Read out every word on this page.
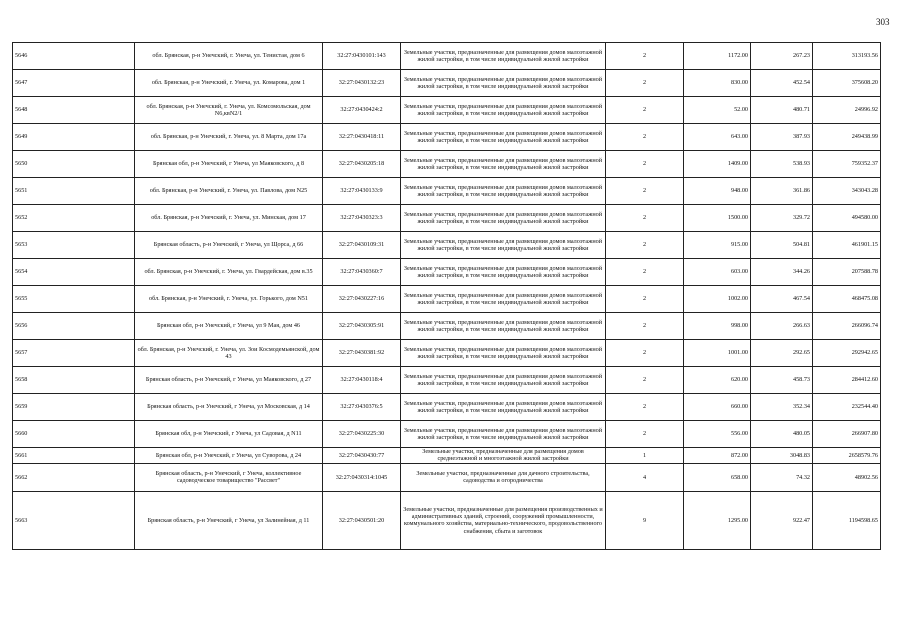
303
5646	обл. Брянская, р-н Унечский, г. Унеча, ул. Тенистая, дом 6	32:27:0430101:143	Земельные участки, предназначенные для размещения домов малоэтажной жилой застройки, в том числе индивидуальной жилой застройки	2	1172.00	267.23	313193.56
5647	обл. Брянская, р-н Унечский, г. Унеча, ул. Комарова, дом 1	32:27:0430132:23	Земельные участки, предназначенные для размещения домов малоэтажной жилой застройки, в том числе индивидуальной жилой застройки	2	830.00	452.54	375608.20
5648	обл. Брянская, р-н Унечский, г. Унеча, ул. Комсомольская, дом N6,квN2/1	32:27:0430424:2	Земельные участки, предназначенные для размещения домов малоэтажной жилой застройки, в том числе индивидуальной жилой застройки	2	52.00	480.71	24996.92
5649	обл. Брянская, р-н Унечский, г. Унеча, ул. 8 Марта, дом 17а	32:27:0430418:11	Земельные участки, предназначенные для размещения домов малоэтажной жилой застройки, в том числе индивидуальной жилой застройки	2	643.00	387.93	249438.99
5650	Брянская обл, р-н Унечский, г Унеча, ул Маяковского, д 8	32:27:0430205:18	Земельные участки, предназначенные для размещения домов малоэтажной жилой застройки, в том числе индивидуальной жилой застройки	2	1409.00	538.93	759352.37
5651	обл. Брянская, р-н Унечский, г. Унеча, ул. Павлова, дом N25	32:27:0430133:9	Земельные участки, предназначенные для размещения домов малоэтажной жилой застройки, в том числе индивидуальной жилой застройки	2	948.00	361.86	343043.28
5652	обл. Брянская, р-н Унечский, г. Унеча, ул. Минская, дом 17	32:27:0430323:3	Земельные участки, предназначенные для размещения домов малоэтажной жилой застройки, в том числе индивидуальной жилой застройки	2	1500.00	329.72	494580.00
5653	Брянская область, р-н Унечский, г Унеча, ул Щорса, д 66	32:27:0430109:31	Земельные участки, предназначенные для размещения домов малоэтажной жилой застройки, в том числе индивидуальной жилой застройки	2	915.00	504.81	461901.15
5654	обл. Брянская, р-н Унечский, г. Унеча, ул. Гвардейская, дом в.35	32:27:0430360:7	Земельные участки, предназначенные для размещения домов малоэтажной жилой застройки, в том числе индивидуальной жилой застройки	2	603.00	344.26	207588.78
5655	обл. Брянская, р-н Унечский, г. Унеча, ул. Горького, дом N51	32:27:0430227:16	Земельные участки, предназначенные для размещения домов малоэтажной жилой застройки, в том числе индивидуальной жилой застройки	2	1002.00	467.54	468475.08
5656	Брянская обл, р-н Унечский, г Унеча, ул 9 Мая, дом 46	32:27:0430305:91	Земельные участки, предназначенные для размещения домов малоэтажной жилой застройки, в том числе индивидуальной жилой застройки	2	998.00	266.63	266096.74
5657	обл. Брянская, р-н Унечский, г. Унеча, ул. Зои Космодемьянской, дом 43	32:27:0430381:92	Земельные участки, предназначенные для размещения домов малоэтажной жилой застройки, в том числе индивидуальной жилой застройки	2	1001.00	292.65	292942.65
5658	Брянская область, р-н Унечский, г Унеча, ул Маяковского, д 27	32:27:0430118:4	Земельные участки, предназначенные для размещения домов малоэтажной жилой застройки, в том числе индивидуальной жилой застройки	2	620.00	458.73	284412.60
5659	Брянская область, р-н Унечский, г Унеча, ул Московская, д 14	32:27:0430376:5	Земельные участки, предназначенные для размещения домов малоэтажной жилой застройки, в том числе индивидуальной жилой застройки	2	660.00	352.34	232544.40
5660	Брянская обл, р-н Унечский, г Унеча, ул Садовая, д N11	32:27:0430225:30	Земельные участки, предназначенные для размещения домов малоэтажной жилой застройки, в том числе индивидуальной жилой застройки	2	556.00	480.05	266907.80
5661	Брянская обл, р-н Унечский, г Унеча, ул Суворова, д 24	32:27:0430430:77	Земельные участки, предназначенные для размещения домов среднеэтажной и многоэтажной жилой застройки	1	872.00	3048.83	2658579.76
5662	Брянская область, р-н Унечский, г Унеча, коллективное садоводческое товарищество "Рассвет"	32:27:0430314:1045	Земельные участки, предназначенные для дачного строительства, садоводства и огородничества	4	658.00	74.32	48902.56
5663	Брянская область, р-н Унечский, г Унеча, ул Залинейная, д 11	32:27:0430501:20	Земельные участки, предназначенные для размещения производственных и административных зданий, строений, сооружений промышленности, коммунального хозяйства, материально-технического, продовольственного снабжения, сбыта и заготовок	9	1295.00	922.47	1194598.65
